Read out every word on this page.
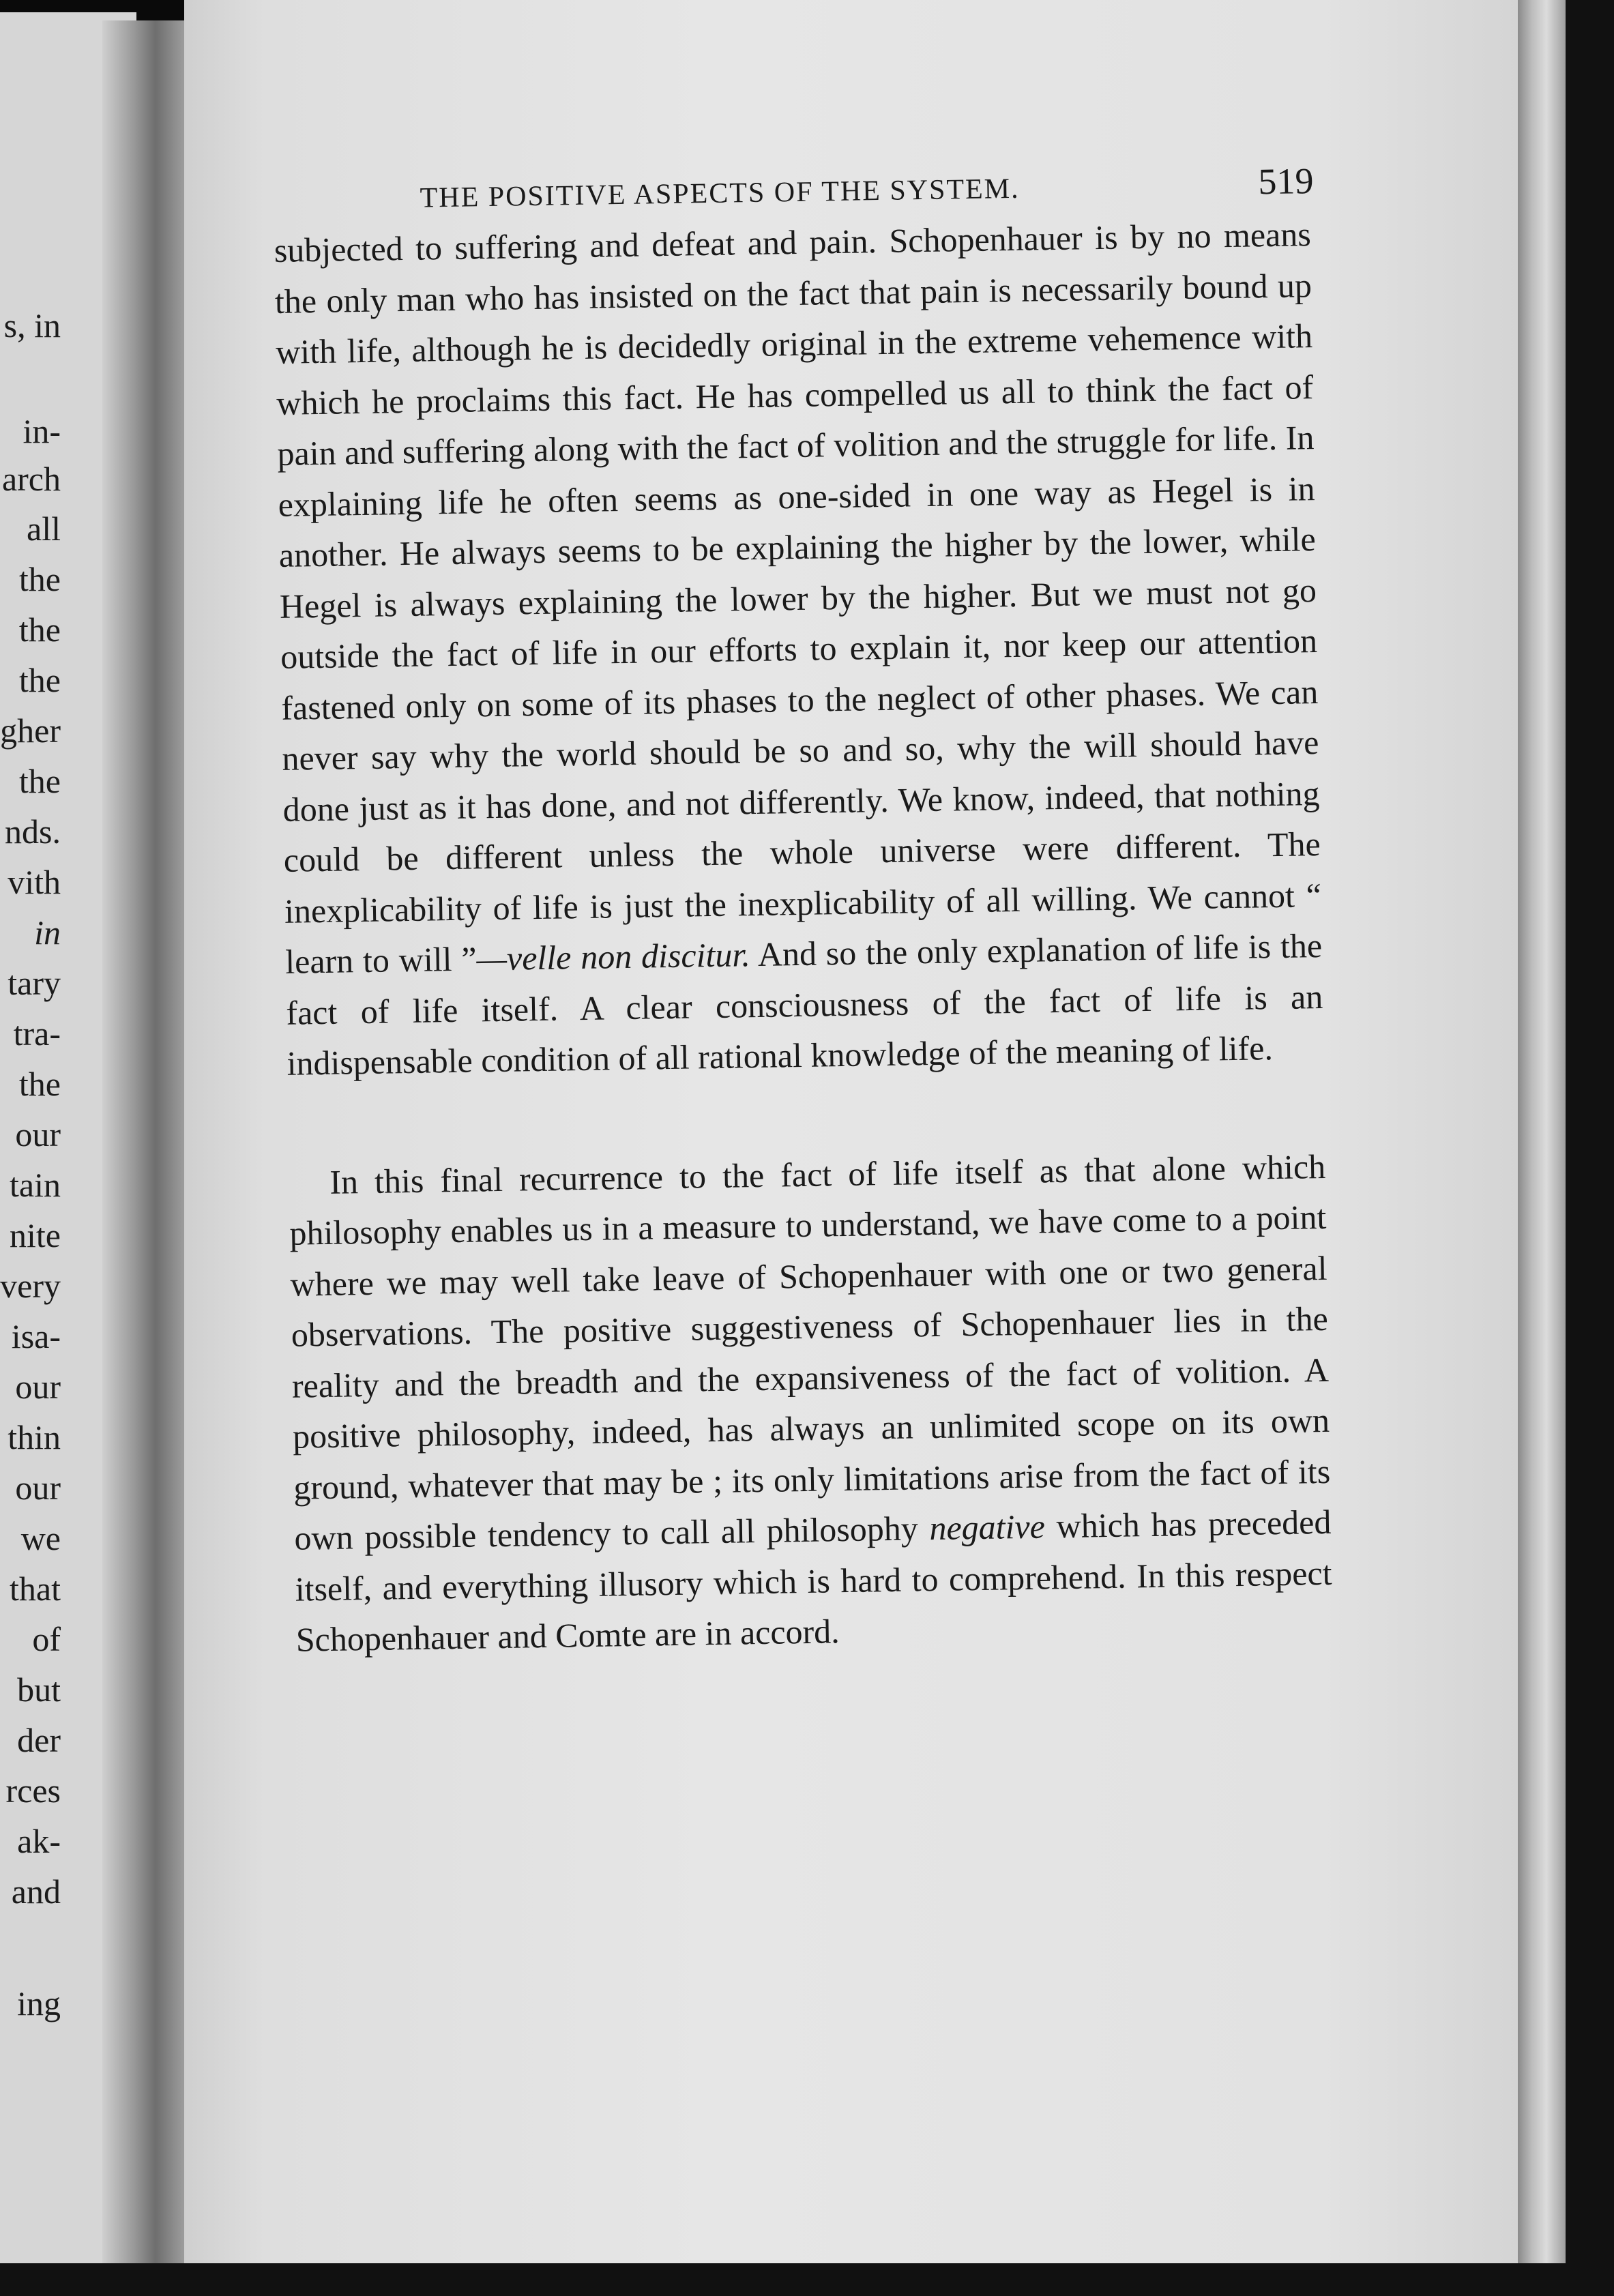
s, in
in-
arch
all
the
the
the
gher
the
nds.
vith
in
tary
tra-
the
our
tain
nite
very
isa-
our
thin
our
we
that
of
but
der
rces
ak-
and
ing
THE POSITIVE ASPECTS OF THE SYSTEM.	519

subjected to suffering and defeat and pain. Schopenhauer is by no means the only man who has insisted on the fact that pain is necessarily bound up with life, although he is decidedly original in the extreme vehemence with which he proclaims this fact. He has compelled us all to think the fact of pain and suffering along with the fact of volition and the struggle for life. In explaining life he often seems as one-sided in one way as Hegel is in another. He always seems to be explaining the higher by the lower, while Hegel is always explaining the lower by the higher. But we must not go outside the fact of life in our efforts to explain it, nor keep our attention fastened only on some of its phases to the neglect of other phases. We can never say why the world should be so and so, why the will should have done just as it has done, and not differently. We know, indeed, that nothing could be different unless the whole universe were different. The inexplicability of life is just the inexplicability of all willing. We cannot “ learn to will ”—velle non discitur. And so the only explanation of life is the fact of life itself. A clear consciousness of the fact of life is an indispensable condition of all rational knowledge of the meaning of life.

In this final recurrence to the fact of life itself as that alone which philosophy enables us in a measure to understand, we have come to a point where we may well take leave of Schopenhauer with one or two general observations. The positive suggestiveness of Schopenhauer lies in the reality and the breadth and the expansiveness of the fact of volition. A positive philosophy, indeed, has always an unlimited scope on its own ground, whatever that may be ; its only limitations arise from the fact of its own possible tendency to call all philosophy negative which has preceded itself, and everything illusory which is hard to comprehend. In this respect Schopenhauer and Comte are in accord.
